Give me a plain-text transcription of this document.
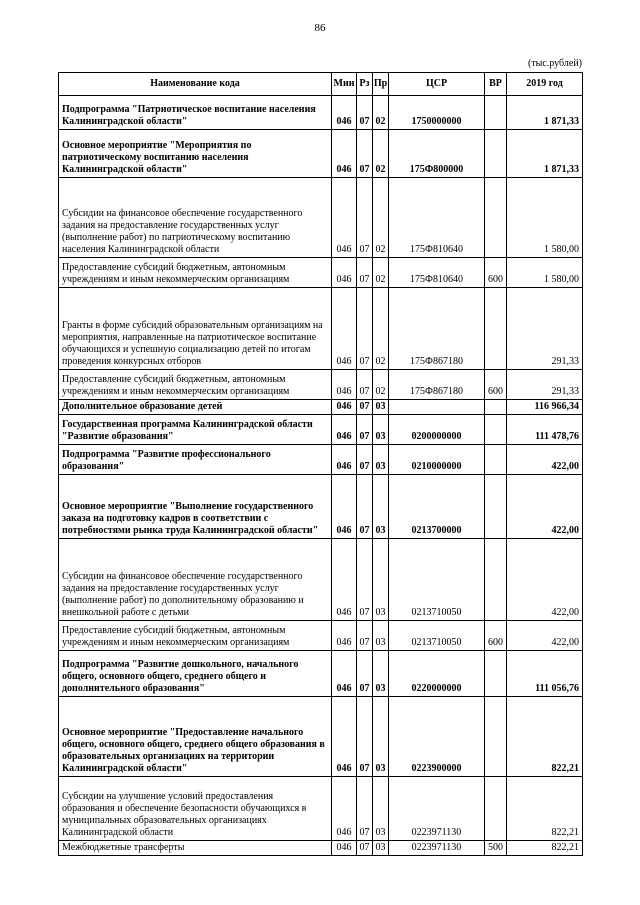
86
(тыс.рублей)
Наименование кода	Мин	Рз	Пр	ЦСР	ВР	2019 год
Подпрограмма "Патриотическое воспитание населения Калининградской области"	046	07	02	1750000000		1 871,33
Основное мероприятие "Мероприятия по патриотическому воспитанию населения Калининградской области"	046	07	02	175Ф800000		1 871,33
Субсидии на финансовое обеспечение государственного задания на предоставление государственных услуг (выполнение работ) по патриотическому воспитанию населения Калининградской области	046	07	02	175Ф810640		1 580,00
Предоставление субсидий бюджетным, автономным учреждениям и иным некоммерческим организациям	046	07	02	175Ф810640	600	1 580,00
Гранты в форме субсидий образовательным организациям на мероприятия, направленные на патриотическое воспитание обучающихся и успешную социализацию детей по итогам проведения конкурсных отборов	046	07	02	175Ф867180		291,33
Предоставление субсидий бюджетным, автономным учреждениям и иным некоммерческим организациям	046	07	02	175Ф867180	600	291,33
Дополнительное образование детей	046	07	03			116 966,34
Государственная программа Калининградской области "Развитие образования"	046	07	03	0200000000		111 478,76
Подпрограмма "Развитие профессионального образования"	046	07	03	0210000000		422,00
Основное мероприятие "Выполнение государственного заказа на подготовку кадров в соответствии с потребностями рынка труда Калининградской области"	046	07	03	0213700000		422,00
Субсидии на финансовое обеспечение государственного задания на предоставление государственных услуг (выполнение работ) по дополнительному образованию и внешкольной работе с детьми	046	07	03	0213710050		422,00
Предоставление субсидий бюджетным, автономным учреждениям и иным некоммерческим организациям	046	07	03	0213710050	600	422,00
Подпрограмма "Развитие дошкольного, начального общего, основного общего, среднего общего и дополнительного образования"	046	07	03	0220000000		111 056,76
Основное мероприятие "Предоставление начального общего, основного общего, среднего общего образования в образовательных организациях на территории Калининградской области"	046	07	03	0223900000		822,21
Субсидии на улучшение условий предоставления образования и обеспечение безопасности обучающихся в муниципальных образовательных организациях Калининградской области	046	07	03	0223971130		822,21
Межбюджетные трансферты	046	07	03	0223971130	500	822,21
